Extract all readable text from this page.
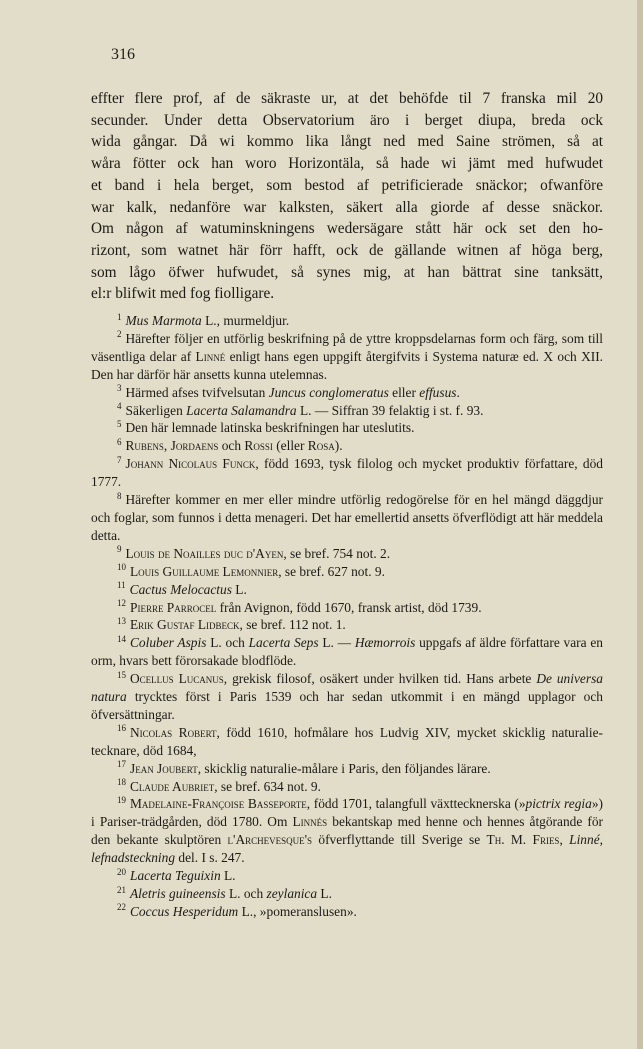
316
effter flere prof, af de säkraste ur, at det behöfde til 7 franska mil 20
secunder. Under detta Observatorium äro i berget diupa, breda ock
wida gångar. Då wi kommo lika långt ned med Saine strömen, så at
wåra fötter ock han woro Horizontäla, så hade wi jämt med hufwudet
et band i hela berget, som bestod af petrificierade snäckor; ofwanföre
war kalk, nedanföre war kalksten, säkert alla giorde af desse snäckor.
Om någon af watuminskningens wedersägare stått här ock set den ho-
rizont, som watnet här förr hafft, ock de gällande witnen af höga berg,
som lågo öfwer hufwudet, så synes mig, at han bättrat sine tanksätt,
el:r blifwit med fog fiolligare.
$^1$ Mus Marmota L., murmeldjur.
$^2$ Härefter följer en utförlig beskrifning på de yttre kroppsdelarnas form och färg, som till väsentliga delar af Linné enligt hans egen uppgift återgifvits i Systema naturæ ed. X och XII. Den har därför här ansetts kunna utelemnas.
$^3$ Härmed afses tvifvelsutan Juncus conglomeratus eller effusus.
$^4$ Säkerligen Lacerta Salamandra L. — Siffran 39 felaktig i st. f. 93.
$^5$ Den här lemnade latinska beskrifningen har uteslutits.
$^6$ Rubens, Jordaens och Rossi (eller Rosa).
$^7$ Johann Nicolaus Funck, född 1693, tysk filolog och mycket produktiv författare, död 1777.
$^8$ Härefter kommer en mer eller mindre utförlig redogörelse för en hel mängd däggdjur och foglar, som funnos i detta menageri. Det har emellertid ansetts öfverflödigt att här meddela detta.
$^9$ Louis de Noailles duc d'Ayen, se bref. 754 not. 2.
$^{10}$ Louis Guillaume Lemonnier, se bref. 627 not. 9.
$^{11}$ Cactus Melocactus L.
$^{12}$ Pierre Parrocel från Avignon, född 1670, fransk artist, död 1739.
$^{13}$ Erik Gustaf Lidbeck, se bref. 112 not. 1.
$^{14}$ Coluber Aspis L. och Lacerta Seps L. — Hæmorrois uppgafs af äldre författare vara en orm, hvars bett förorsakade blodflöde.
$^{15}$ Ocellus Lucanus, grekisk filosof, osäkert under hvilken tid. Hans arbete De universa natura trycktes först i Paris 1539 och har sedan utkommit i en mängd upplagor och öfversättningar.
$^{16}$ Nicolas Robert, född 1610, hofmålare hos Ludvig XIV, mycket skicklig naturalie-tecknare, död 1684,
$^{17}$ Jean Joubert, skicklig naturalie-målare i Paris, den följandes lärare.
$^{18}$ Claude Aubriet, se bref. 634 not. 9.
$^{19}$ Madelaine-Françoise Basseporte, född 1701, talangfull växttecknerska (»pictrix regia») i Pariser-trädgården, död 1780. Om Linnés bekantskap med henne och hennes åtgörande för den bekante skulptören l'Archevesque's öfverflyttande till Sverige se Th. M. Fries, Linné, lefnadsteckning del. I s. 247.
$^{20}$ Lacerta Teguixin L.
$^{21}$ Aletris guineensis L. och zeylanica L.
$^{22}$ Coccus Hesperidum L., »pomeranslusen».
